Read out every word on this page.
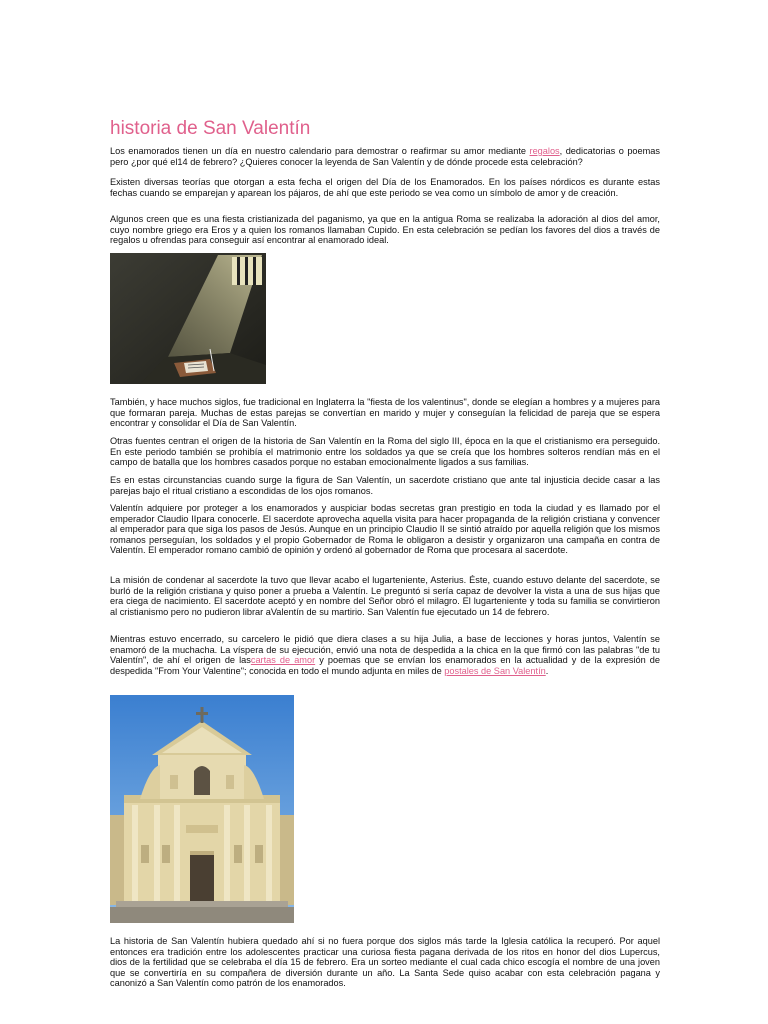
historia de San Valentín

Los enamorados tienen un día en nuestro calendario para demostrar o reafirmar su amor mediante regalos, dedicatorias o poemas pero ¿por qué el14 de febrero? ¿Quieres conocer la leyenda de San Valentín y de dónde procede esta celebración?

Existen diversas teorías que otorgan a esta fecha el origen del Día de los Enamorados. En los países nórdicos es durante estas fechas cuando se emparejan y aparean los pájaros, de ahí que este periodo se vea como un símbolo de amor y de creación.

Algunos creen que es una fiesta cristianizada del paganismo, ya que en la antigua Roma se realizaba la adoración al dios del amor, cuyo nombre griego era Eros y a quien los romanos llamaban Cupido. En esta celebración se pedían los favores del dios a través de regalos u ofrendas para conseguir así encontrar al enamorado ideal.

También, y hace muchos siglos, fue tradicional en Inglaterra la "fiesta de los valentinus", donde se elegían a hombres y a mujeres para que formaran pareja. Muchas de estas parejas se convertían en marido y mujer y conseguían la felicidad de pareja que se espera encontrar y consolidar el Día de San Valentín.

Otras fuentes centran el origen de la historia de San Valentín en la Roma del siglo III, época en la que el cristianismo era perseguido. En este periodo también se prohibía el matrimonio entre los soldados ya que se creía que los hombres solteros rendían más en el campo de batalla que los hombres casados porque no estaban emocionalmente ligados a sus familias.

Es en estas circunstancias cuando surge la figura de San Valentín, un sacerdote cristiano que ante tal injusticia decide casar a las parejas bajo el ritual cristiano a escondidas de los ojos romanos.

Valentín adquiere por proteger a los enamorados y auspiciar bodas secretas gran prestigio en toda la ciudad y es llamado por el emperador Claudio IIpara conocerle. El sacerdote aprovecha aquella visita para hacer propaganda de la religión cristiana y convencer al emperador para que siga los pasos de Jesús. Aunque en un principio Claudio II se sintió atraído por aquella religión que los mismos romanos perseguían, los soldados y el propio Gobernador de Roma le obligaron a desistir y organizaron una campaña en contra de Valentín. El emperador romano cambió de opinión y ordenó al gobernador de Roma que procesara al sacerdote.

La misión de condenar al sacerdote la tuvo que llevar acabo el lugarteniente, Asterius. Éste, cuando estuvo delante del sacerdote, se burló de la religión cristiana y quiso poner a prueba a Valentín. Le preguntó si sería capaz de devolver la vista a una de sus hijas que era ciega de nacimiento. El sacerdote aceptó y en nombre del Señor obró el milagro. El lugarteniente y toda su familia se convirtieron al cristianismo pero no pudieron librar aValentín de su martirio. San Valentín fue ejecutado un 14 de febrero.

Mientras estuvo encerrado, su carcelero le pidió que diera clases a su hija Julia, a base de lecciones y horas juntos, Valentín se enamoró de la muchacha. La víspera de su ejecución, envió una nota de despedida a la chica en la que firmó con las palabras "de tu Valentín", de ahí el origen de lascartas de amor y poemas que se envían los enamorados en la actualidad y de la expresión de despedida "From Your Valentine"; conocida en todo el mundo adjunta en miles de postales de San Valentín.

La historia de San Valentín hubiera quedado ahí si no fuera porque dos siglos más tarde la Iglesia católica la recuperó. Por aquel entonces era tradición entre los adolescentes practicar una curiosa fiesta pagana derivada de los ritos en honor del dios Lupercus, dios de la fertilidad que se celebraba el día 15 de febrero. Era un sorteo mediante el cual cada chico escogía el nombre de una joven que se convertiría en su compañera de diversión durante un año. La Santa Sede quiso acabar con esta celebración pagana y canonizó a San Valentín como patrón de los enamorados.
